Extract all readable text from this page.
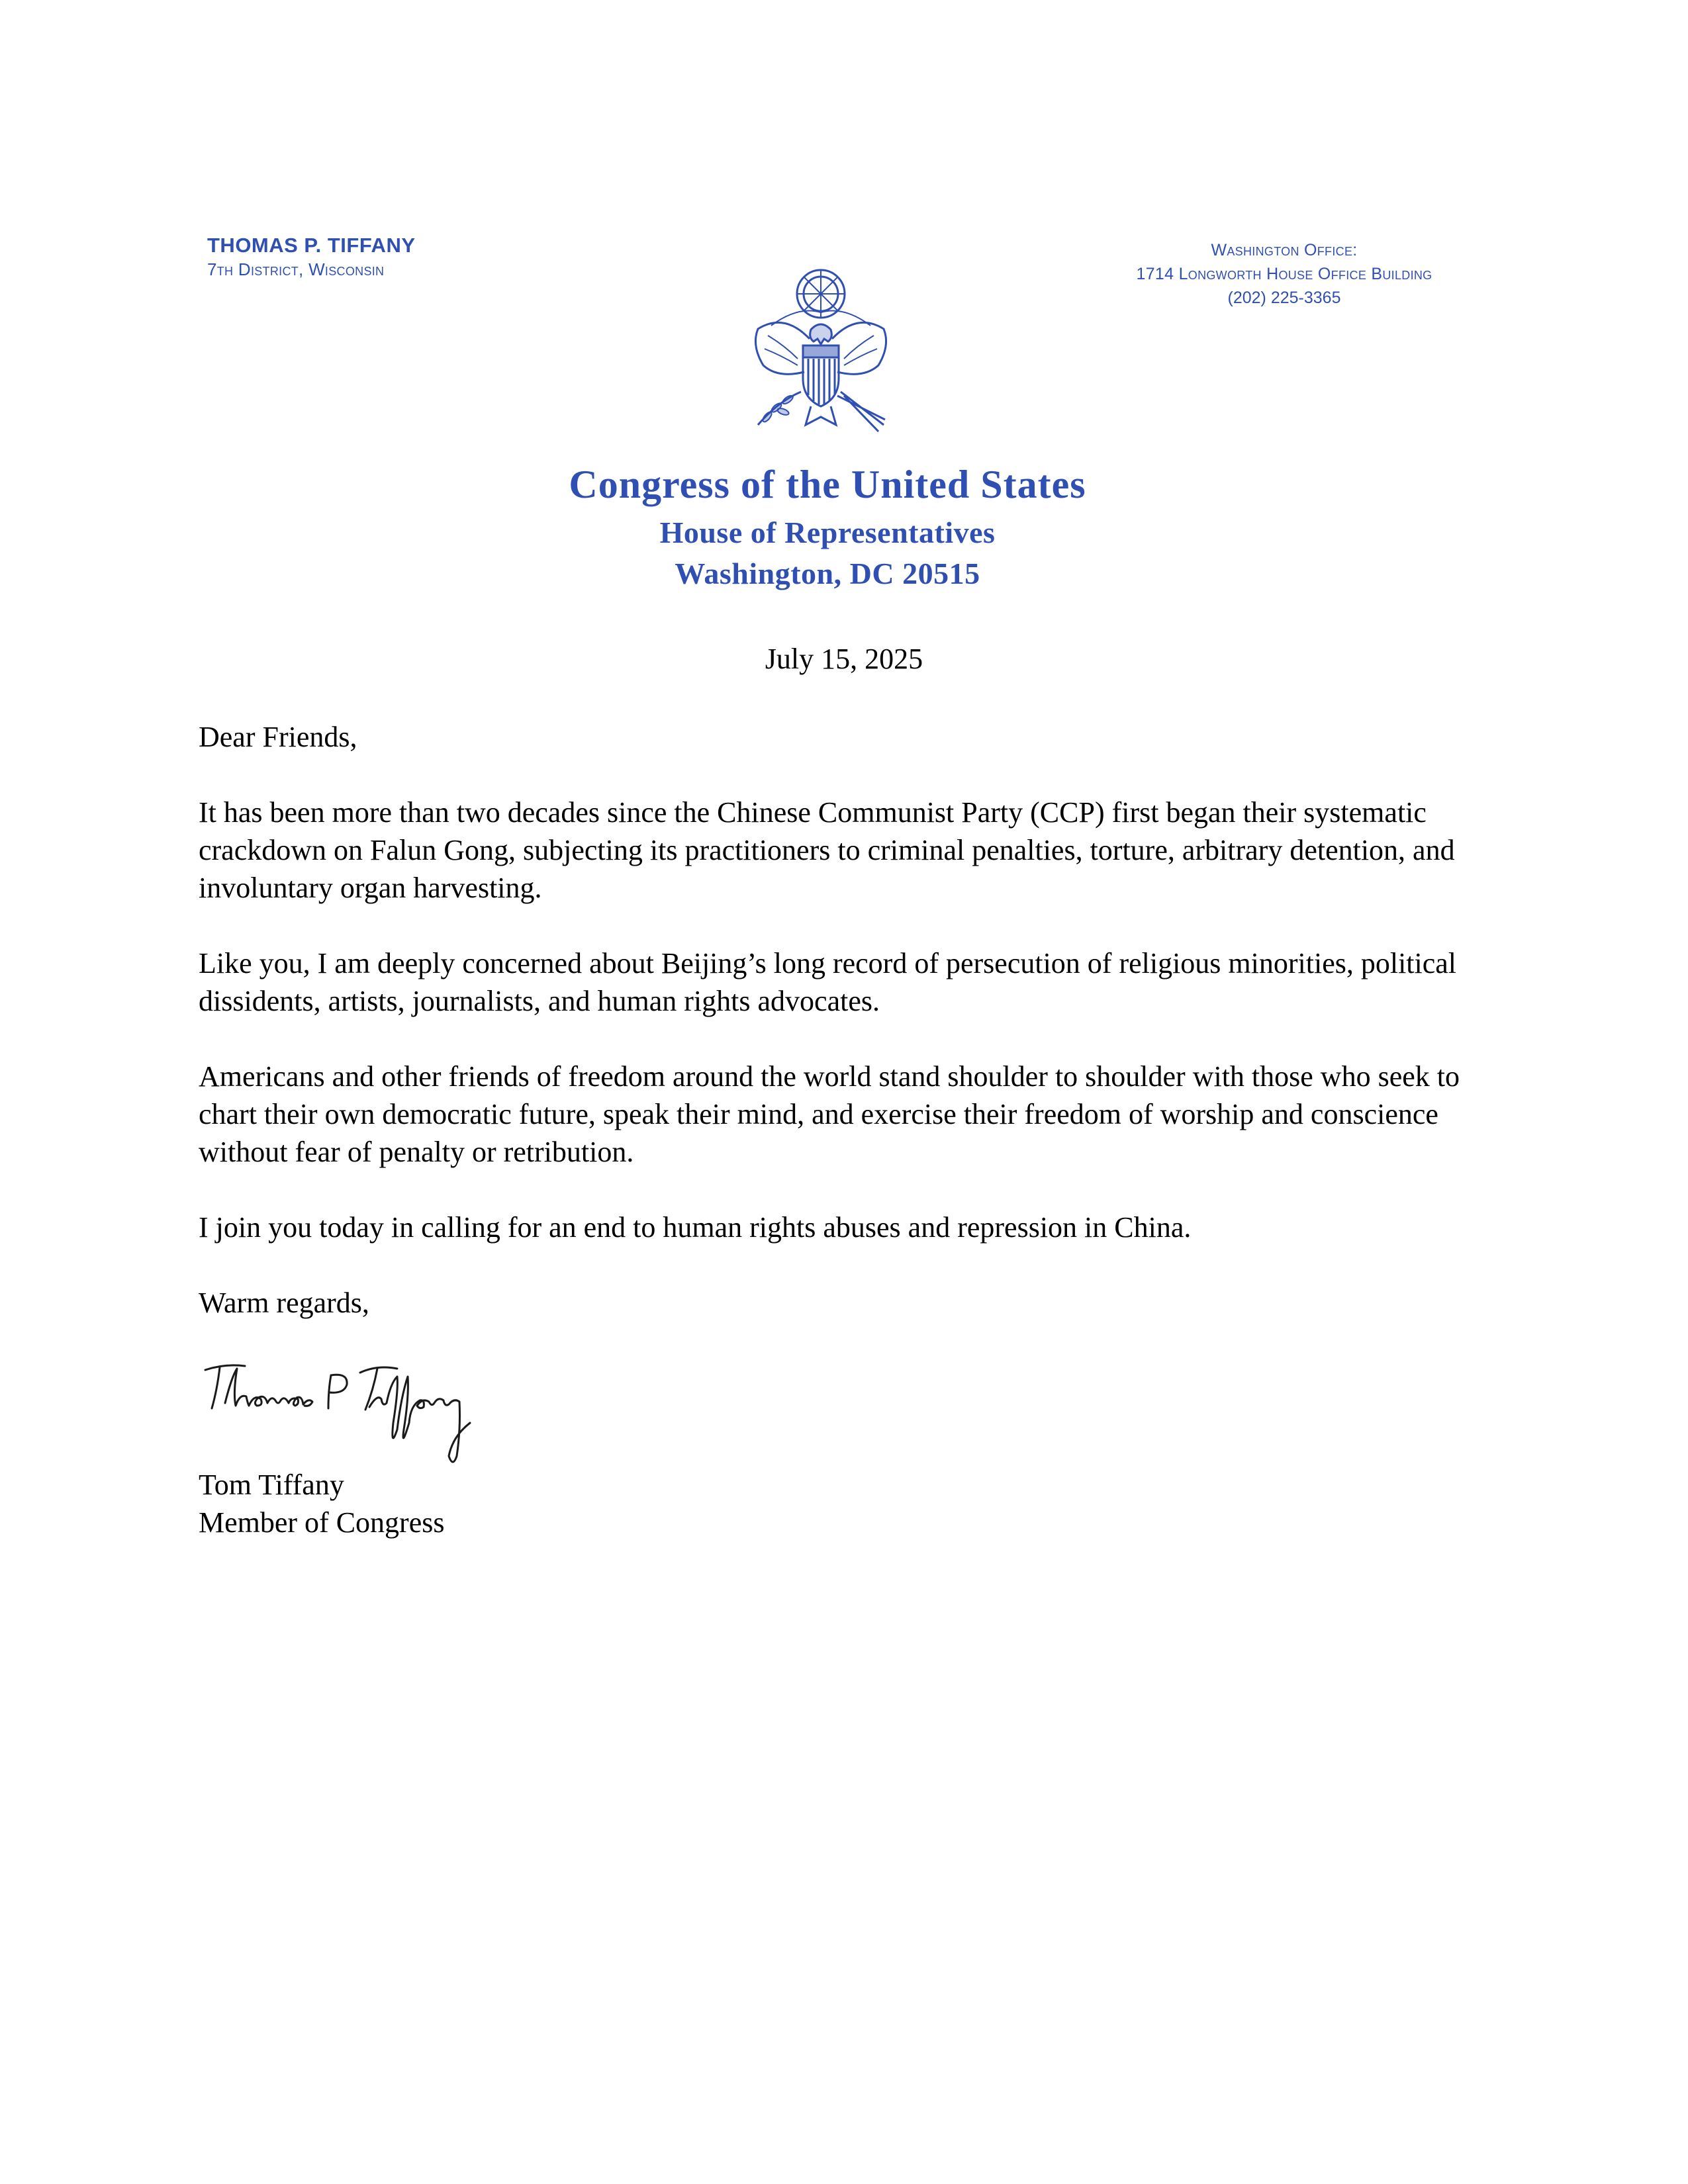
THOMAS P. TIFFANY
7th District, Wisconsin
Washington Office:
1714 Longworth House Office Building
(202) 225-3365
Congress of the United States
House of Representatives
Washington, DC 20515
July 15, 2025

Dear Friends,

It has been more than two decades since the Chinese Communist Party (CCP) first began their systematic crackdown on Falun Gong, subjecting its practitioners to criminal penalties, torture, arbitrary detention, and involuntary organ harvesting.

Like you, I am deeply concerned about Beijing’s long record of persecution of religious minorities, political dissidents, artists, journalists, and human rights advocates.

Americans and other friends of freedom around the world stand shoulder to shoulder with those who seek to chart their own democratic future, speak their mind, and exercise their freedom of worship and conscience without fear of penalty or retribution.

I join you today in calling for an end to human rights abuses and repression in China.

Warm regards,

Tom Tiffany
Member of Congress
